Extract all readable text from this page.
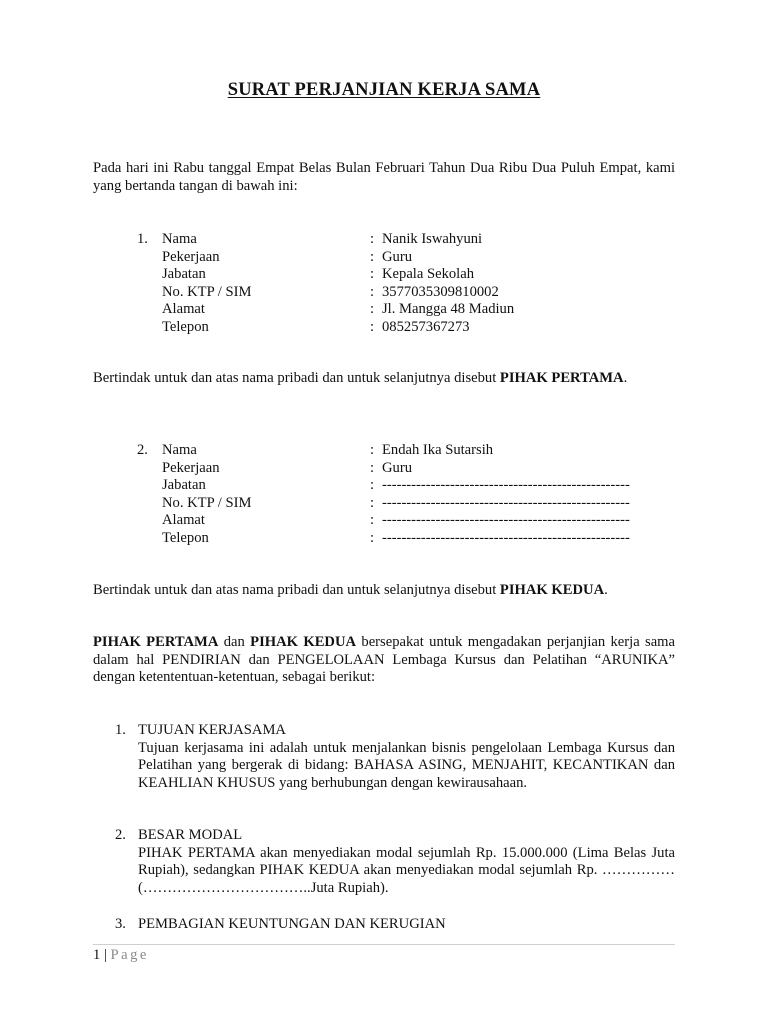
SURAT PERJANJIAN KERJA SAMA
Pada hari ini Rabu tanggal Empat Belas Bulan Februari Tahun Dua Ribu Dua Puluh Empat, kami yang bertanda tangan di bawah ini:
1. Nama	: Nanik Iswahyuni
Pekerjaan	: Guru
Jabatan	: Kepala Sekolah
No. KTP / SIM	: 3577035309810002
Alamat	: Jl. Mangga 48 Madiun
Telepon	: 085257367273
Bertindak untuk dan atas nama pribadi dan untuk selanjutnya disebut PIHAK PERTAMA.
2. Nama	: Endah Ika Sutarsih
Pekerjaan	: Guru
Jabatan	: ---------------------------------------------------
No. KTP / SIM	: ---------------------------------------------------
Alamat	: ---------------------------------------------------
Telepon	: ---------------------------------------------------
Bertindak untuk dan atas nama pribadi dan untuk selanjutnya disebut PIHAK KEDUA.
PIHAK PERTAMA dan PIHAK KEDUA bersepakat untuk mengadakan perjanjian kerja sama dalam hal PENDIRIAN dan PENGELOLAAN Lembaga Kursus dan Pelatihan “ARUNIKA” dengan ketententuan-ketentuan, sebagai berikut:
1. TUJUAN KERJASAMA
Tujuan kerjasama ini adalah untuk menjalankan bisnis pengelolaan Lembaga Kursus dan Pelatihan yang bergerak di bidang: BAHASA ASING, MENJAHIT, KECANTIKAN dan KEAHLIAN KHUSUS yang berhubungan dengan kewirausahaan.
2. BESAR MODAL
PIHAK PERTAMA akan menyediakan modal sejumlah Rp. 15.000.000 (Lima Belas Juta Rupiah), sedangkan PIHAK KEDUA akan menyediakan modal sejumlah Rp. …………… (……………………………..Juta Rupiah).
3. PEMBAGIAN KEUNTUNGAN DAN KERUGIAN
1 | Page
